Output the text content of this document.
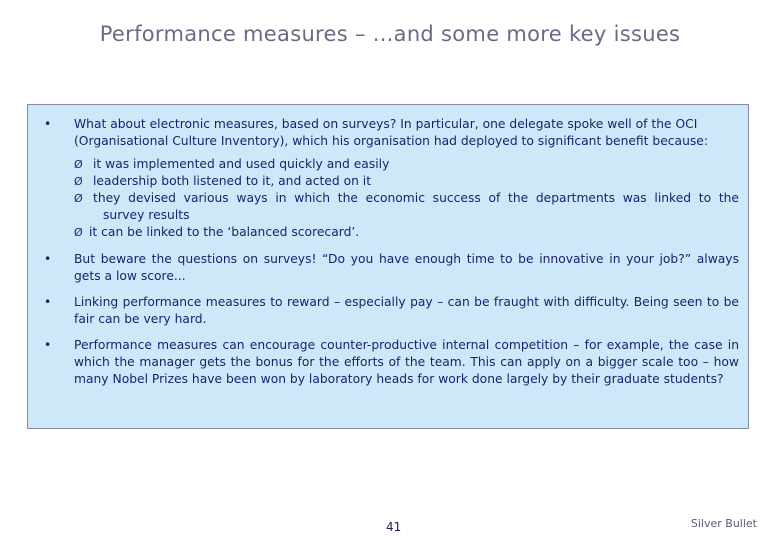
Performance measures – ...and some more key issues
•	What about electronic measures, based on surveys? In particular, one delegate spoke well of the OCI (Organisational Culture Inventory), which his organisation had deployed to significant benefit because:
Ø it was implemented and used quickly and easily
Ø leadership both listened to it, and acted on it
Ø they devised various ways in which the economic success of the departments was linked to the
survey results
Ø it can be linked to the ‘balanced scorecard’.
•	But beware the questions on surveys! “Do you have enough time to be innovative in your job?” always gets a low score...
•	Linking performance measures to reward – especially pay – can be fraught with difficulty. Being seen to be fair can be very hard.
•	Performance measures can encourage counter-productive internal competition – for example, the case in which the manager gets the bonus for the efforts of the team. This can apply on a bigger scale too – how many Nobel Prizes have been won by laboratory heads for work done largely by their graduate students?
41	Silver Bullet
